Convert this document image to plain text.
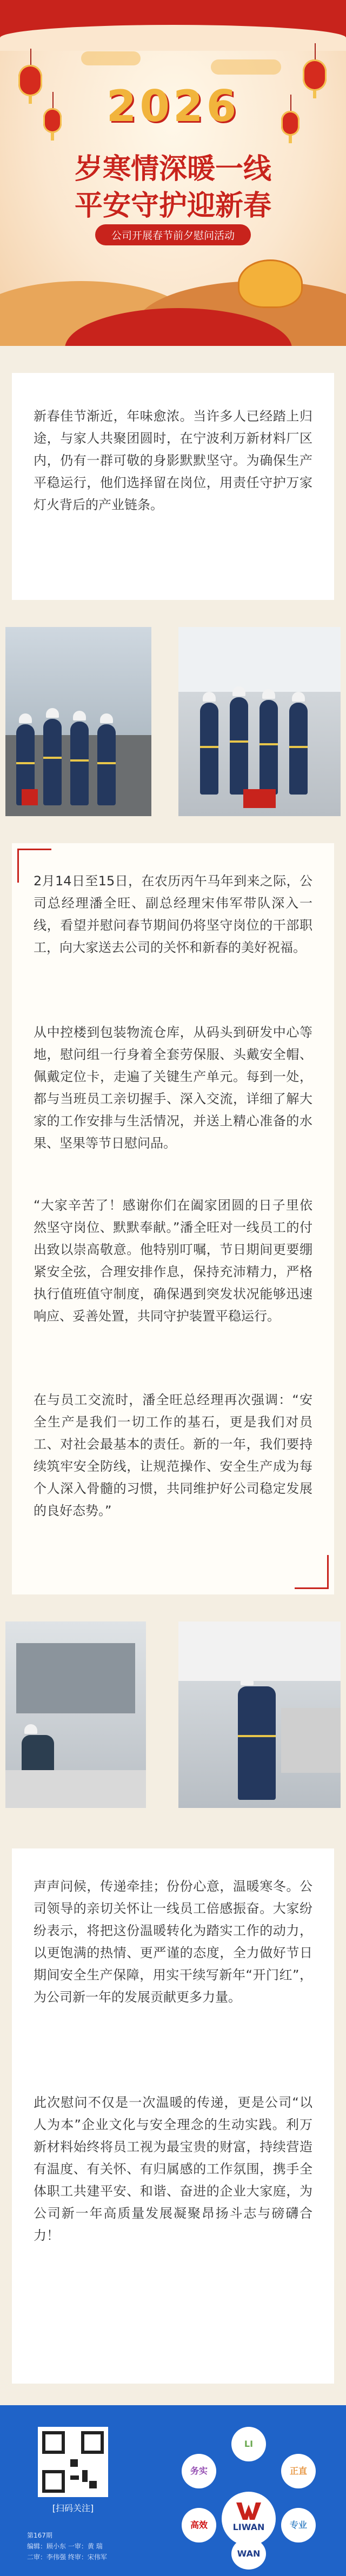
2026
岁寒情深暖一线
平安守护迎新春
公司开展春节前夕慰问活动
新春佳节渐近，年味愈浓。当许多人已经踏上归途，与家人共聚团圆时，在宁波利万新材料厂区内，仍有一群可敬的身影默默坚守。为确保生产平稳运行，他们选择留在岗位，用责任守护万家灯火背后的产业链条。
2月14日至15日，在农历丙午马年到来之际，公司总经理潘全旺、副总经理宋伟军带队深入一线，看望并慰问春节期间仍将坚守岗位的干部职工，向大家送去公司的关怀和新春的美好祝福。
从中控楼到包装物流仓库，从码头到研发中心等地，慰问组一行身着全套劳保服、头戴安全帽、佩戴定位卡，走遍了关键生产单元。每到一处，都与当班员工亲切握手、深入交流，详细了解大家的工作安排与生活情况，并送上精心准备的水果、坚果等节日慰问品。
“大家辛苦了！感谢你们在阖家团圆的日子里依然坚守岗位、默默奉献。”潘全旺对一线员工的付出致以崇高敬意。他特别叮嘱，节日期间更要绷紧安全弦，合理安排作息，保持充沛精力，严格执行值班值守制度，确保遇到突发状况能够迅速响应、妥善处置，共同守护装置平稳运行。
在与员工交流时，潘全旺总经理再次强调：“安全生产是我们一切工作的基石，更是我们对员工、对社会最基本的责任。新的一年，我们要持续筑牢安全防线，让规范操作、安全生产成为每个人深入骨髓的习惯，共同维护好公司稳定发展的良好态势。”
声声问候，传递牵挂；份份心意，温暖寒冬。公司领导的亲切关怀让一线员工倍感振奋。大家纷纷表示，将把这份温暖转化为踏实工作的动力，以更饱满的热情、更严谨的态度，全力做好节日期间安全生产保障，用实干续写新年“开门红”，为公司新一年的发展贡献更多力量。
此次慰问不仅是一次温暖的传递，更是公司“以人为本”企业文化与安全理念的生动实践。利万新材料始终将员工视为最宝贵的财富，持续营造有温度、有关怀、有归属感的工作氛围，携手全体职工共建平安、和谐、奋进的企业大家庭，为公司新一年高质量发展凝聚昂扬斗志与磅礴合力！
[扫码关注]
第167期
编辑：顾小东 一审：黄 瑞
二审：李伟强 终审：宋伟军
LIWAN
LI
正直
专业
WAN
高效
务实
